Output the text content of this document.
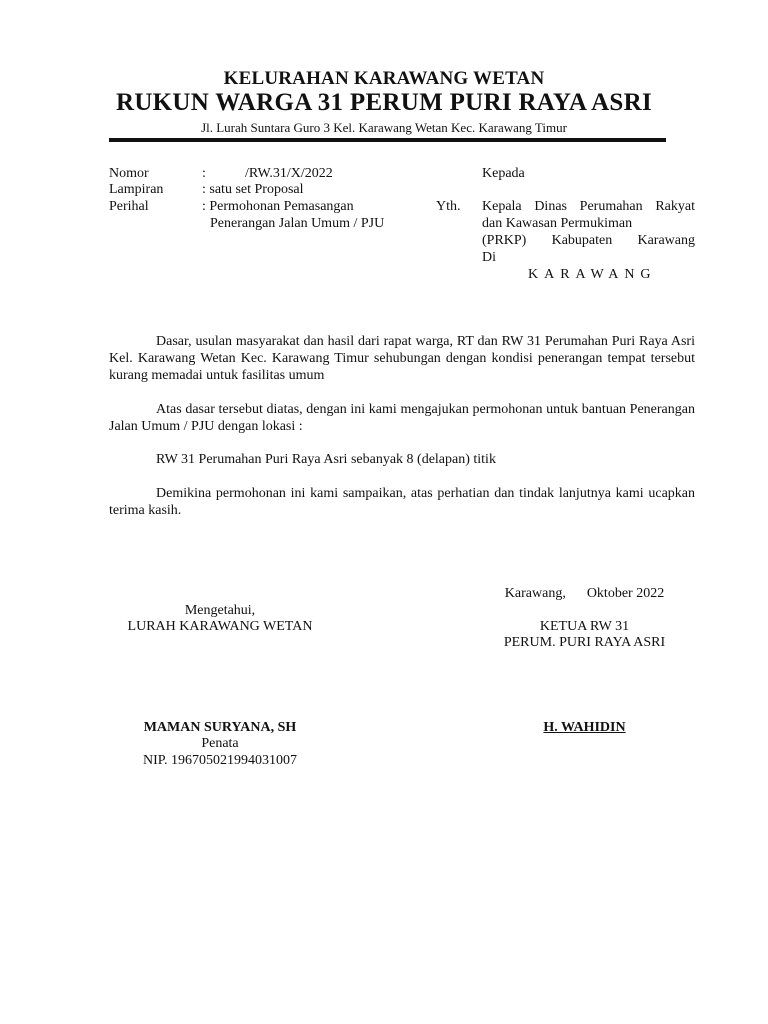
KELURAHAN KARAWANG WETAN
RUKUN WARGA 31 PERUM PURI RAYA ASRI
Jl. Lurah Suntara Guro 3 Kel. Karawang Wetan Kec. Karawang Timur
Nomor	:	/RW.31/X/2022
Lampiran	: satu set Proposal
Perihal	: Permohonan Pemasangan
Penerangan Jalan Umum / PJU
Yth.
Kepada
Kepala Dinas Perumahan Rakyat
dan Kawasan Permukiman
(PRKP) Kabupaten Karawang
Di
KARAWANG
Dasar, usulan masyarakat dan hasil dari rapat warga, RT dan RW 31 Perumahan Puri Raya Asri Kel. Karawang Wetan Kec. Karawang Timur sehubungan dengan kondisi penerangan tempat tersebut kurang memadai untuk fasilitas umum
Atas dasar tersebut diatas, dengan ini kami mengajukan permohonan untuk bantuan Penerangan Jalan Umum / PJU dengan lokasi :
RW 31 Perumahan Puri Raya Asri sebanyak 8 (delapan) titik
Demikina permohonan ini kami sampaikan, atas perhatian dan tindak lanjutnya kami ucapkan terima kasih.
Karawang,      Oktober 2022
Mengetahui,
LURAH KARAWANG WETAN	KETUA RW 31
PERUM. PURI RAYA ASRI
MAMAN SURYANA, SH
Penata
NIP. 196705021994031007
H. WAHIDIN
